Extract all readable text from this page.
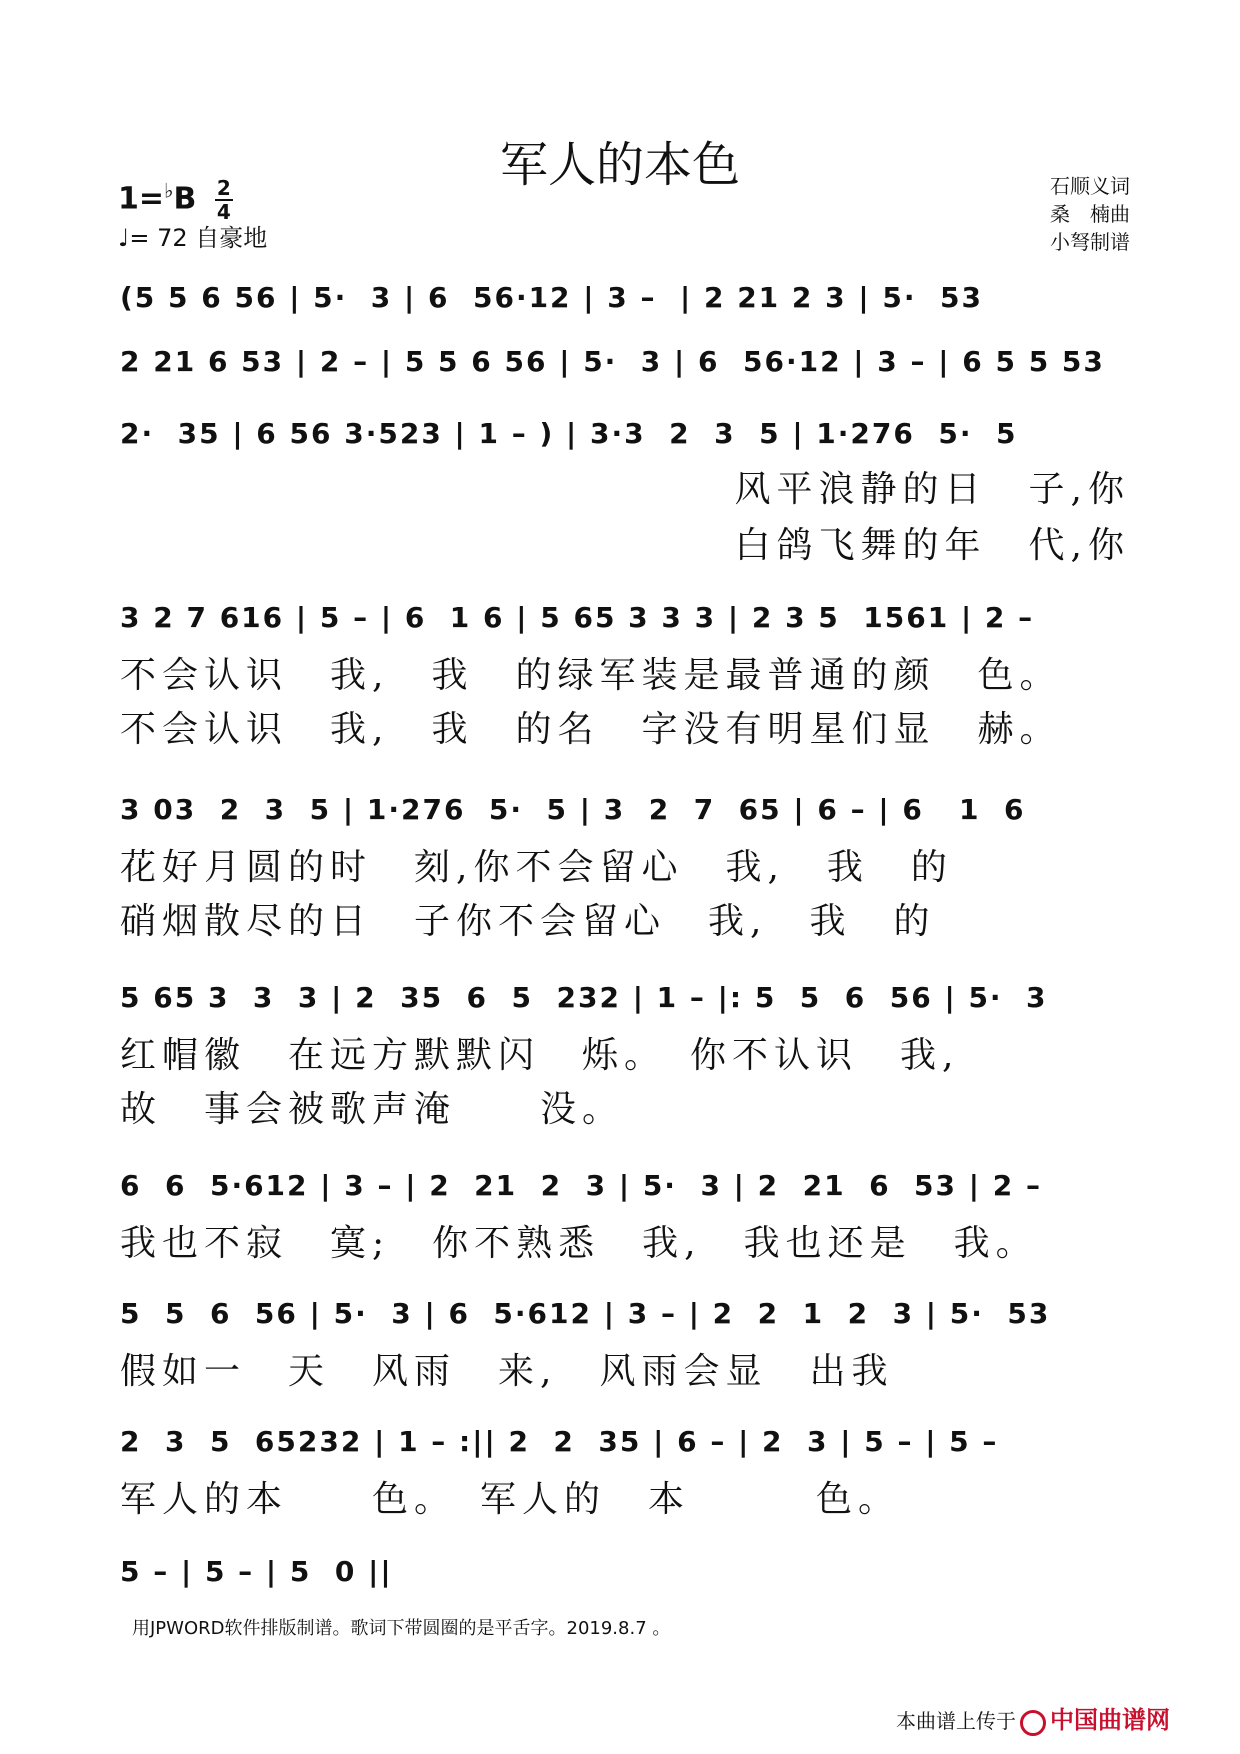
军人的本色
$1=^♭B \frac{2}{4}$
♩= 72 自豪地
石顺义词
桑　楠曲
小弩制谱
(5 5 6 56 | 5·  3 | 6  56·12 | 3 –  | 2 21 2 3 | 5·  53
2 21 6 53 | 2 – | 5 5 6 56 | 5·  3 | 6  56·12 | 3 – | 6 5 5 53
2·  35 | 6 56 3·523 | 1 – ) | 3·3  2  3  5 | 1·276  5·  5
风平浪静的日　子,你
白鸽飞舞的年　代,你
3 2 7 616 | 5 – | 6  1 6 | 5 65 3 3 3 | 2 3 5  1561 | 2 –
不会认识　我,　我　的绿军装是最普通的颜　色。
不会认识　我,　我　的名　字没有明星们显　赫。
3 03  2  3  5 | 1·276  5·  5 | 3  2  7  65 | 6 – | 6   1  6
花好月圆的时　刻,你不会留心　我,　我　的
硝烟散尽的日　子你不会留心　我,　我　的
5 65 3  3  3 | 2  35  6  5  232 | 1 – |: 5  5  6  56 | 5·  3
红帽徽　在远方默默闪　烁。　你不认识　我,
故　事会被歌声淹　　没。
6  6  5·612 | 3 – | 2  21  2  3 | 5·  3 | 2  21  6  53 | 2 –
我也不寂　寞;　你不熟悉　我,　我也还是　我。
5  5  6  56 | 5·  3 | 6  5·612 | 3 – | 2  2  1  2  3 | 5·  53
假如一　天　风雨　来,　风雨会显　出我
2  3  5  65232 | 1 – :|| 2  2  35 | 6 – | 2  3 | 5 – | 5 –
军人的本　　色。　军人的　本　　　色。
5 – | 5 – | 5  0 ||
用JPWORD软件排版制谱。歌词下带圆圈的是平舌字。2019.8.7 。
本曲谱上传于 中国曲谱网
